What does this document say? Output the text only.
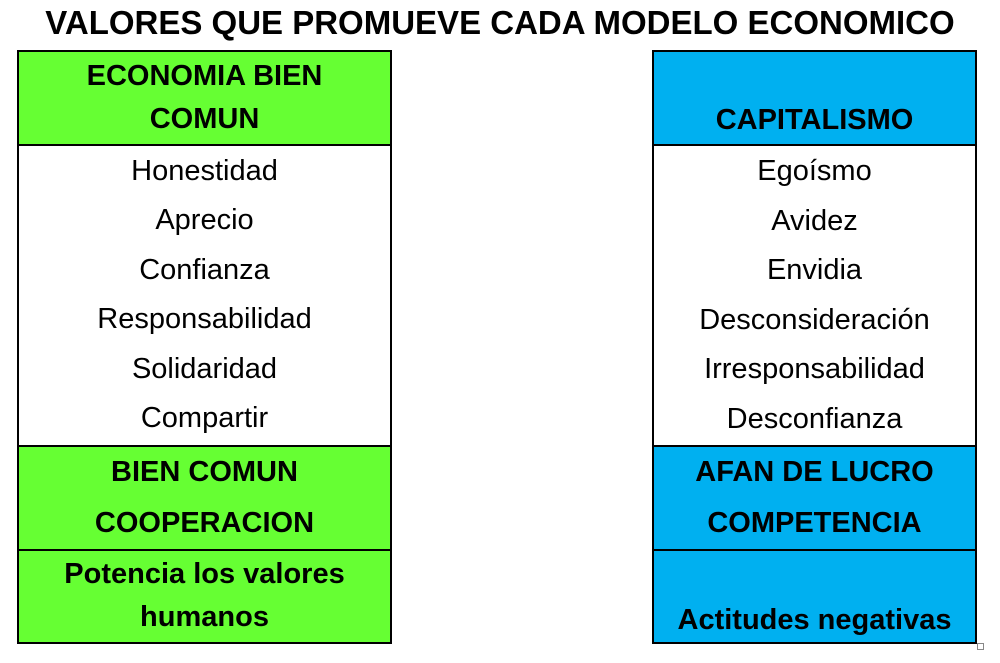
VALORES QUE PROMUEVE CADA MODELO ECONOMICO
ECONOMIA BIEN
COMUN
Honestidad
Aprecio
Confianza
Responsabilidad
Solidaridad
Compartir
BIEN COMUN
COOPERACION
Potencia los valores
humanos
CAPITALISMO
Egoísmo
Avidez
Envidia
Desconsideración
Irresponsabilidad
Desconfianza
AFAN DE LUCRO
COMPETENCIA
Actitudes negativas
